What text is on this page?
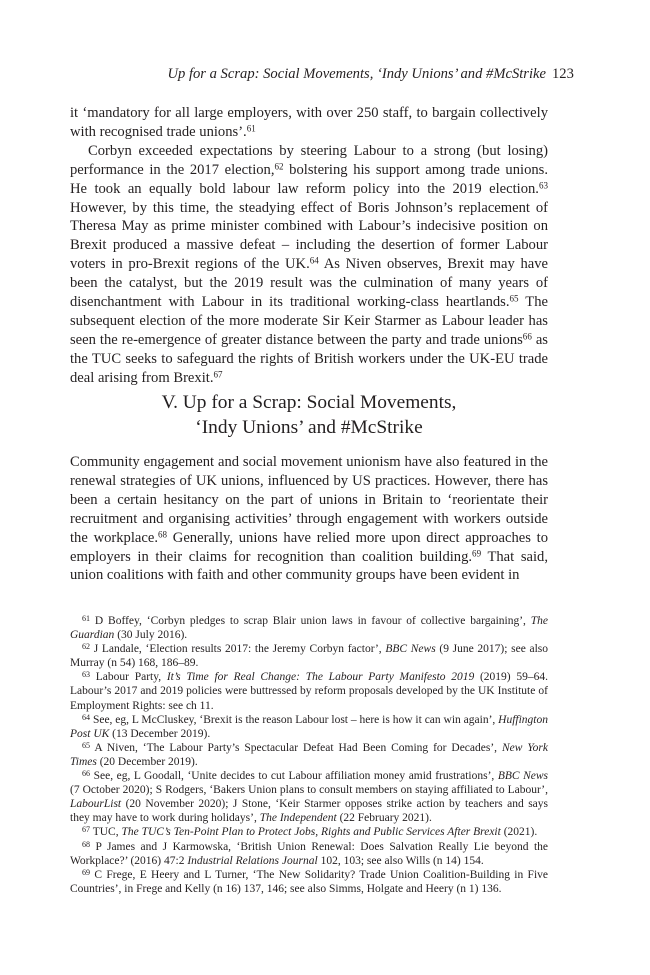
Up for a Scrap: Social Movements, ‘Indy Unions’ and #McStrike 123

it ‘mandatory for all large employers, with over 250 staff, to bargain collectively with recognised trade unions’.$^{61}$

Corbyn exceeded expectations by steering Labour to a strong (but losing) performance in the 2017 election,$^{62}$ bolstering his support among trade unions. He took an equally bold labour law reform policy into the 2019 election.$^{63}$ However, by this time, the steadying effect of Boris Johnson’s replacement of Theresa May as prime minister combined with Labour’s indecisive position on Brexit produced a massive defeat – including the desertion of former Labour voters in pro-Brexit regions of the UK.$^{64}$ As Niven observes, Brexit may have been the catalyst, but the 2019 result was the culmination of many years of disenchantment with Labour in its traditional working-class heartlands.$^{65}$ The subsequent election of the more moderate Sir Keir Starmer as Labour leader has seen the re-emergence of greater distance between the party and trade unions$^{66}$ as the TUC seeks to safeguard the rights of British workers under the UK-EU trade deal arising from Brexit.$^{67}$

V. Up for a Scrap: Social Movements,
‘Indy Unions’ and #McStrike

Community engagement and social movement unionism have also featured in the renewal strategies of UK unions, influenced by US practices. However, there has been a certain hesitancy on the part of unions in Britain to ‘reorientate their recruitment and organising activities’ through engagement with workers outside the workplace.$^{68}$ Generally, unions have relied more upon direct approaches to employers in their claims for recognition than coalition building.$^{69}$ That said, union coalitions with faith and other community groups have been evident in

$^{61}$ D Boffey, ‘Corbyn pledges to scrap Blair union laws in favour of collective bargaining’, The Guardian (30 July 2016).

$^{62}$ J Landale, ‘Election results 2017: the Jeremy Corbyn factor’, BBC News (9 June 2017); see also Murray (n 54) 168, 186–89.

$^{63}$ Labour Party, It’s Time for Real Change: The Labour Party Manifesto 2019 (2019) 59–64. Labour’s 2017 and 2019 policies were buttressed by reform proposals developed by the UK Institute of Employment Rights: see ch 11.

$^{64}$ See, eg, L McCluskey, ‘Brexit is the reason Labour lost – here is how it can win again’, Huffington Post UK (13 December 2019).

$^{65}$ A Niven, ‘The Labour Party’s Spectacular Defeat Had Been Coming for Decades’, New York Times (20 December 2019).

$^{66}$ See, eg, L Goodall, ‘Unite decides to cut Labour affiliation money amid frustrations’, BBC News (7 October 2020); S Rodgers, ‘Bakers Union plans to consult members on staying affiliated to Labour’, LabourList (20 November 2020); J Stone, ‘Keir Starmer opposes strike action by teachers and says they may have to work during holidays’, The Independent (22 February 2021).

$^{67}$ TUC, The TUC’s Ten-Point Plan to Protect Jobs, Rights and Public Services After Brexit (2021).

$^{68}$ P James and J Karmowska, ‘British Union Renewal: Does Salvation Really Lie beyond the Workplace?’ (2016) 47:2 Industrial Relations Journal 102, 103; see also Wills (n 14) 154.

$^{69}$ C Frege, E Heery and L Turner, ‘The New Solidarity? Trade Union Coalition-Building in Five Countries’, in Frege and Kelly (n 16) 137, 146; see also Simms, Holgate and Heery (n 1) 136.
